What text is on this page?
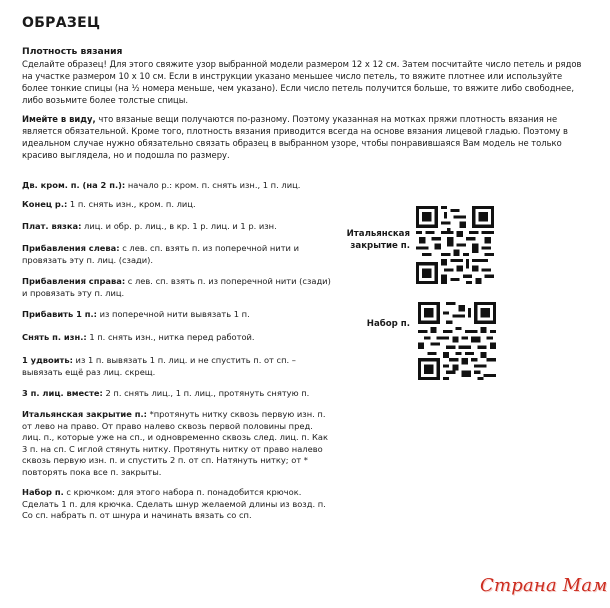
ОБРАЗЕЦ

Плотность вязания

Сделайте образец! Для этого свяжите узор выбранной модели размером 12 x 12 см. Затем посчитайте число петель и рядов на участке размером 10 x 10 см. Если в инструкции указано меньшее число петель, то вяжите плотнее или используйте более тонкие спицы (на ½ номера меньше, чем указано). Если число петель получится больше, то вяжите либо свободнее, либо возьмите более толстые спицы.

Имейте в виду, что вязаные вещи получаются по-разному. Поэтому указанная на мотках пряжи плотность вязания не является обязательной. Кроме того, плотность вязания приводится всегда на основе вязания лицевой гладью. Поэтому в идеальном случае нужно обязательно связать образец в выбранном узоре, чтобы понравившаяся Вам модель не только красиво выглядела, но и подошла по размеру.

Дв. кром. п. (на 2 п.): начало р.: кром. п. снять изн., 1 п. лиц.

Конец р.: 1 п. снять изн., кром. п. лиц.

Плат. вязка: лиц. и обр. р. лиц., в кр. 1 р. лиц. и 1 р. изн.

Прибавления слева: с лев. сп. взять п. из поперечной нити и провязать эту п. лиц. (сзади).

Прибавления справа: с лев. сп. взять п. из поперечной нити (сзади) и провязать эту п. лиц.

Прибавить 1 п.: из поперечной нити вывязать 1 п.

Снять п. изн.: 1 п. снять изн., нитка перед работой.

1 удвоить: из 1 п. вывязать 1 п. лиц. и не спустить п. от сп. – вывязать ещё раз лиц. скрещ.

3 п. лиц. вместе: 2 п. снять лиц., 1 п. лиц., протянуть снятую п.

Итальянская закрытие п.: *протянуть нитку сквозь первую изн. п. от лево на право. От право налево сквозь первой половины пред. лиц. п., которые уже на сп., и одновременно сквозь след. лиц. п. Как 3 п. на сп. С иглой стянуть нитку. Протянуть нитку от право налево сквозь первую изн. п. и спустить 2 п. от сп. Натянуть нитку; от * повторять пока все п. закрыты.

Набор п. с крючком: для этого набора п. понадобится крючок. Сделать 1 п. для крючка. Сделать шнур желаемой длины из возд. п. Со сп. набрать п. от шнура и начинать вязать со сп.

Итальянская закрытие п.
Набор п.
Страна Мам
